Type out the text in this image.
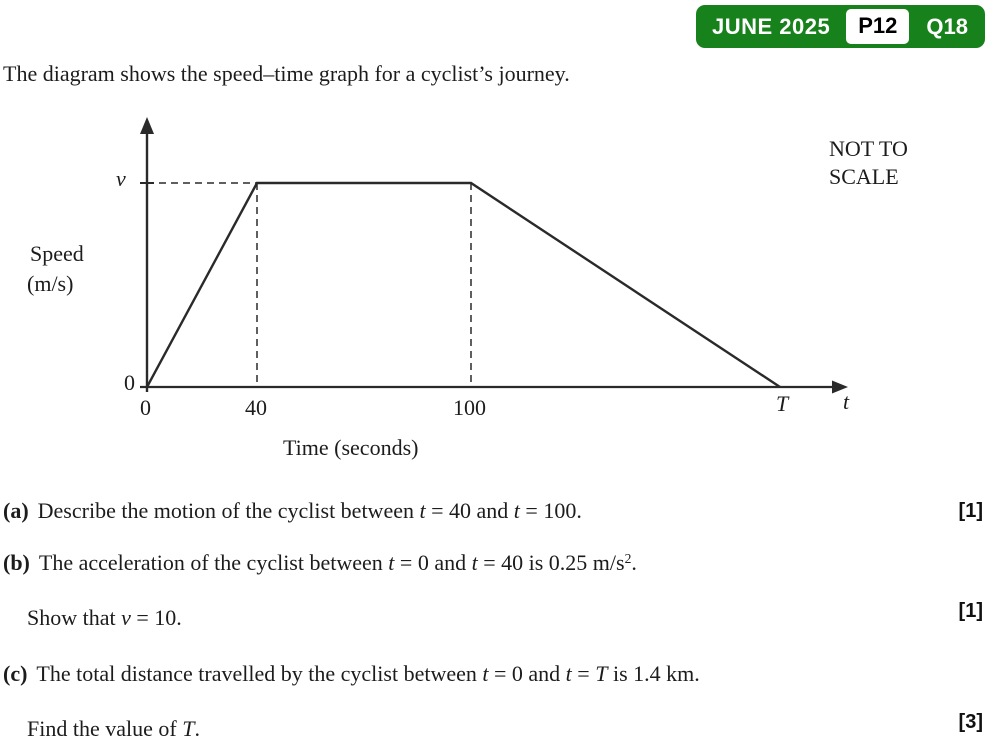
JUNE 2025	P12	Q18
The diagram shows the speed–time graph for a cyclist’s journey.
v
Speed
(m/s)
0
0	40	100	T t
NOT TO
SCALE
Time (seconds)
(a) Describe the motion of the cyclist between t = 40 and t = 100.	[1]
(b) The acceleration of the cyclist between t = 0 and t = 40 is 0.25 $m/s^2$.
Show that v = 10.	[1]
(c) The total distance travelled by the cyclist between t = 0 and t = T is 1.4 km.
Find the value of T.	[3]
